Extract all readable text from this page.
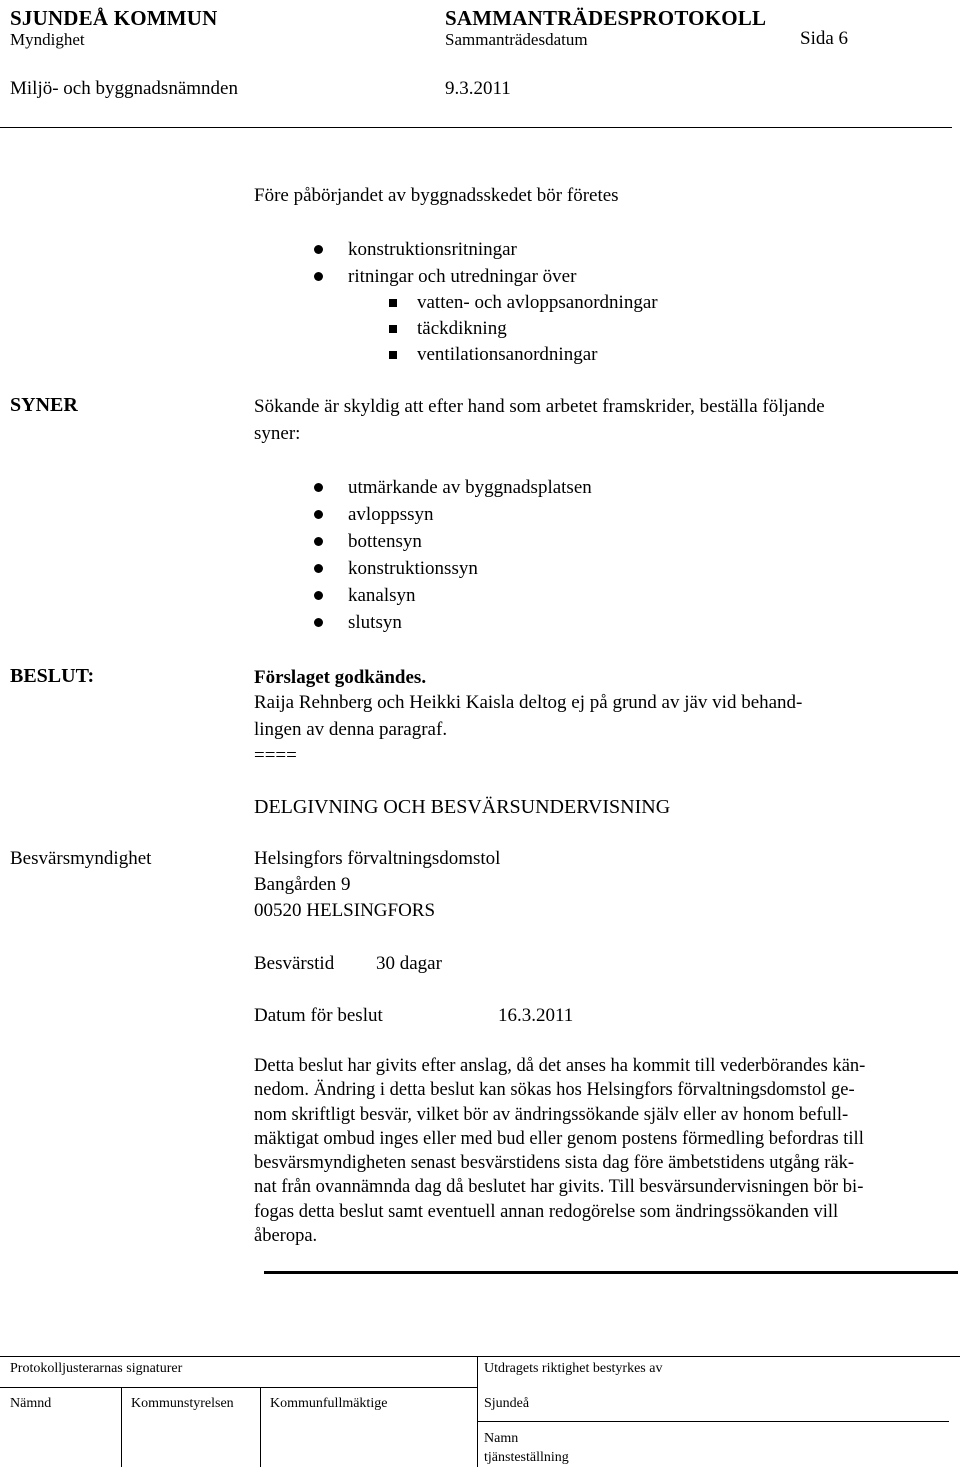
SJUNDEÅ KOMMUN	SAMMANTRÄDESPROTOKOLL
Myndighet	Sammanträdesdatum	Sida 6
Miljö- och byggnadsnämnden	9.3.2011
Före påbörjandet av byggnadsskedet bör företes
konstruktionsritningar
ritningar och utredningar över
vatten- och avloppsanordningar
täckdikning
ventilationsanordningar
SYNER	Sökande är skyldig att efter hand som arbetet framskrider, beställa följande
syner:
utmärkande av byggnadsplatsen
avloppssyn
bottensyn
konstruktionssyn
kanalsyn
slutsyn
BESLUT:	Förslaget godkändes.
Raija Rehnberg och Heikki Kaisla deltog ej på grund av jäv vid behand-
lingen av denna paragraf.
====
DELGIVNING OCH BESVÄRSUNDERVISNING
Besvärsmyndighet	Helsingfors förvaltningsdomstol
Bangården 9
00520 HELSINGFORS
Besvärstid 30 dagar
Datum för beslut	16.3.2011
Detta beslut har givits efter anslag, då det anses ha kommit till vederbörandes kän-
nedom. Ändring i detta beslut kan sökas hos Helsingfors förvaltningsdomstol ge-
nom skriftligt besvär, vilket bör av ändringssökande själv eller av honom befull-
mäktigat ombud inges eller med bud eller genom postens förmedling befordras till
besvärsmyndigheten senast besvärstidens sista dag före ämbetstidens utgång räk-
nat från ovannämnda dag då beslutet har givits. Till besvärsundervisningen bör bi-
fogas detta beslut samt eventuell annan redogörelse som ändringssökanden vill
åberopa.
Protokolljusterarnas signaturer	Utdragets riktighet bestyrkes av
Nämnd	Kommunstyrelsen	Kommunfullmäktige	Sjundeå
Namn
tjänsteställning
